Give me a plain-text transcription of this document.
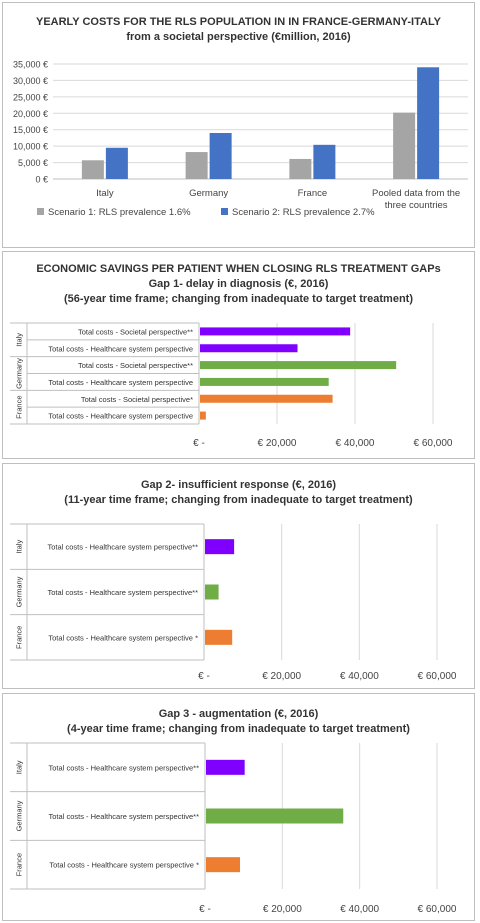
YEARLY COSTS FOR THE RLS POPULATION IN IN FRANCE-GERMANY-ITALY
from a societal perspective (€million, 2016)
0 €
5,000 €
10,000 €
15,000 €
20,000 €
25,000 €
30,000 €
35,000 €
Italy	Germany	France	Pooled data from the
three countries
Scenario 1: RLS prevalence 1.6%	Scenario 2: RLS prevalence 2.7%
ECONOMIC SAVINGS PER PATIENT WHEN CLOSING RLS TREATMENT GAPs
Gap 1- delay in diagnosis (€, 2016)
(56-year time frame; changing from inadequate to target treatment)
Total costs - Societal perspective**
Total costs - Healthcare system perspective
Total costs - Societal perspective**
Total costs - Healthcare system perspective
Total costs - Societal perspective*
Total costs - Healthcare system perspective
Italy
Germany
France
€ -	€ 20,000	€ 40,000	€ 60,000
Gap 2- insufficient response (€, 2016)
(11-year time frame; changing from inadequate to target treatment)
Total costs - Healthcare system perspective**
Total costs - Healthcare system perspective**
Total costs - Healthcare system perspective *
Italy
Germany
France
€ -	€ 20,000	€ 40,000	€ 60,000
Gap 3 - augmentation (€, 2016)
(4-year time frame; changing from inadequate to target treatment)
Total costs - Healthcare system perspective**
Total costs - Healthcare system perspective**
Total costs - Healthcare system perspective *
Italy
Germany
France
€ -	€ 20,000	€ 40,000	€ 60,000
